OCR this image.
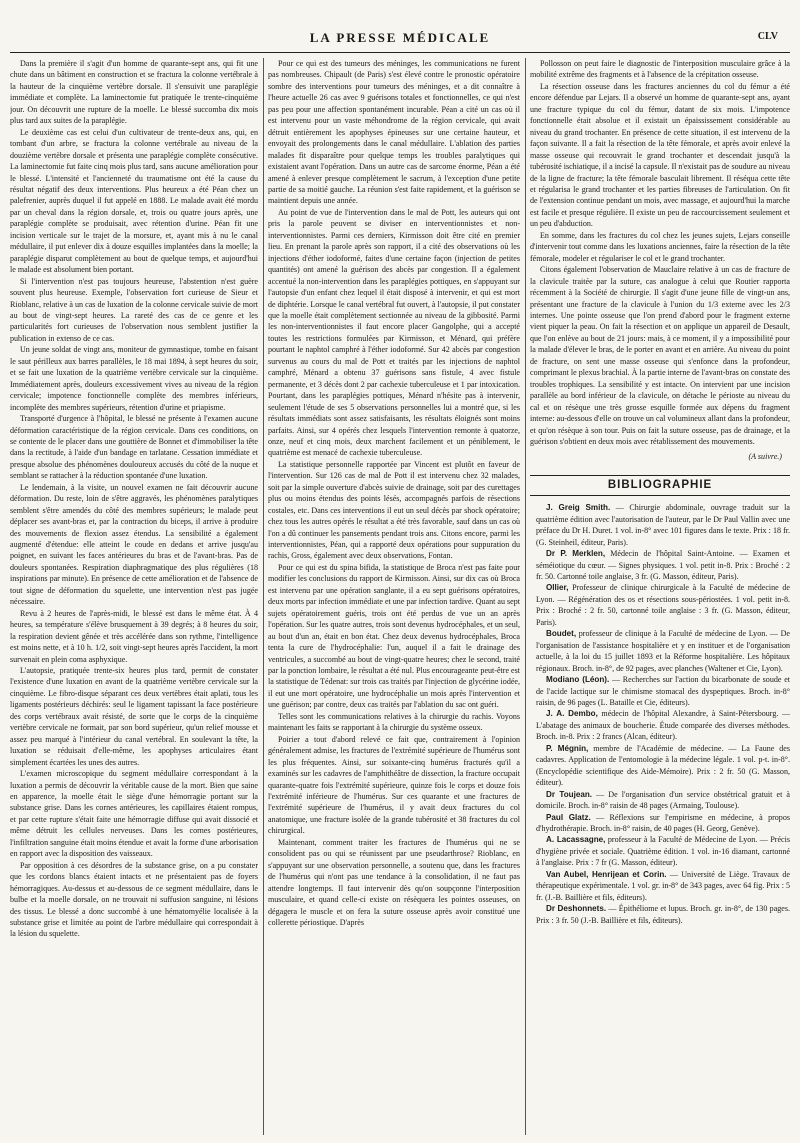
LA PRESSE MÉDICALE	CLV

Dans la première il s'agit d'un homme de quarante-sept ans, qui fit une chute dans un bâtiment en construction et se fractura la colonne vertébrale à la hauteur de la cinquième vertèbre dorsale. Il s'ensuivit une paraplégie immédiate et complète. La laminectomie fut pratiquée le trente-cinquième jour. On découvrit une rupture de la moelle. Le blessé succomba dix mois plus tard aux suites de la paraplégie.

Le deuxième cas est celui d'un cultivateur de trente-deux ans, qui, en tombant d'un arbre, se fractura la colonne vertébrale au niveau de la douzième vertèbre dorsale et présenta une paraplégie complète consécutive. La laminectomie fut faite cinq mois plus tard, sans aucune amélioration pour le blessé. L'intensité et l'ancienneté du traumatisme ont été la cause du résultat négatif des deux interventions. Plus heureux a été Péan chez un palefrenier, auprès duquel il fut appelé en 1888. Le malade avait été mordu par un cheval dans la région dorsale, et, trois ou quatre jours après, une paraplégie complète se produisait, avec rétention d'urine. Péan fit une incision verticale sur le trajet de la morsure, et, ayant mis à nu le canal médullaire, il put enlever dix à douze esquilles implantées dans la moelle; la paraplégie disparut complètement au bout de quelque temps, et aujourd'hui le malade est absolument bien portant.

Si l'intervention n'est pas toujours heureuse, l'abstention n'est guère souvent plus heureuse. Exemple, l'observation fort curieuse de Sieur et Rioblanc, relative à un cas de luxation de la colonne cervicale suivie de mort au bout de vingt-sept heures. La rareté des cas de ce genre et les particularités fort curieuses de l'observation nous semblent justifier la publication in extenso de ce cas.

Un jeune soldat de vingt ans, moniteur de gymnastique, tombe en faisant le saut périlleux aux barres parallèles, le 18 mai 1894, à sept heures du soir, et se fait une luxation de la quatrième vertèbre cervicale sur la cinquième. Immédiatement après, douleurs excessivement vives au niveau de la région cervicale; impotence fonctionnelle complète des membres inférieurs, incomplète des membres supérieurs, rétention d'urine et priapisme.

Transporté d'urgence à l'hôpital, le blessé ne présente à l'examen aucune déformation caractéristique de la région cervicale. Dans ces conditions, on se contente de le placer dans une gouttière de Bonnet et d'immobiliser la tête dans la rectitude, à l'aide d'un bandage en tarlatane. Cessation immédiate et presque absolue des phénomènes douloureux accusés du côté de la nuque et semblant se rattacher à la réduction spontanée d'une luxation.

Le lendemain, à la visite, un nouvel examen ne fait découvrir aucune déformation. Du reste, loin de s'être aggravés, les phénomènes paralytiques semblent s'être amendés du côté des membres supérieurs; le malade peut déplacer ses avant-bras et, par la contraction du biceps, il arrive à produire des mouvements de flexion assez étendus. La sensibilité a également augmenté d'étendue: elle atteint le coude en dedans et arrive jusqu'au poignet, en suivant les faces antérieures du bras et de l'avant-bras. Pas de douleurs spontanées. Respiration diaphragmatique des plus régulières (18 inspirations par minute). En présence de cette amélioration et de l'absence de tout signe de déformation du squelette, une intervention n'est pas jugée nécessaire.

Revu à 2 heures de l'après-midi, le blessé est dans le même état. À 4 heures, sa température s'élève brusquement à 39 degrés; à 8 heures du soir, la respiration devient gênée et très accélérée dans son rythme, l'intelligence est moins nette, et à 10 h. 1/2, soit vingt-sept heures après l'accident, la mort survenait en plein coma asphyxique.

L'autopsie, pratiquée trente-six heures plus tard, permit de constater l'existence d'une luxation en avant de la quatrième vertèbre cervicale sur la cinquième. Le fibro-disque séparant ces deux vertèbres était aplati, tous les ligaments postérieurs déchirés: seul le ligament tapissant la face postérieure des corps vertébraux avait résisté, de sorte que le corps de la cinquième vertèbre cervicale ne formait, par son bord supérieur, qu'un relief mousse et assez peu marqué à l'intérieur du canal vertébral. En soulevant la tête, la luxation se réduisait d'elle-même, les apophyses articulaires étant simplement écartées les unes des autres.

L'examen microscopique du segment médullaire correspondant à la luxation a permis de découvrir la véritable cause de la mort. Bien que saine en apparence, la moelle était le siège d'une hémorragie portant sur la substance grise. Dans les cornes antérieures, les capillaires étaient rompus, et par cette rupture s'était faite une hémorragie diffuse qui avait dissocié et même détruit les cellules nerveuses. Dans les cornes postérieures, l'infiltration sanguine était moins étendue et avait la forme d'une arborisation en rapport avec la disposition des vaisseaux.

Par opposition à ces désordres de la substance grise, on a pu constater que les cordons blancs étaient intacts et ne présentaient pas de foyers hémorragiques. Au-dessus et au-dessous de ce segment médullaire, dans le bulbe et la moelle dorsale, on ne trouvait ni suffusion sanguine, ni lésions des tissus. Le blessé a donc succombé à une hématomyélie localisée à la substance grise et limitée au point de l'arbre médullaire qui correspondait à la lésion du squelette.

Pour ce qui est des tumeurs des méninges, les communications ne furent pas nombreuses. Chipault (de Paris) s'est élevé contre le pronostic opératoire sombre des interventions pour tumeurs des méninges, et a dit connaître à l'heure actuelle 26 cas avec 9 guérisons totales et fonctionnelles, ce qui n'est pas peu pour une affection spontanément incurable. Péan a cité un cas où il est intervenu pour un vaste méhondrome de la région cervicale, qui avait détruit entièrement les apophyses épineuses sur une certaine hauteur, et envoyait des prolongements dans le canal médullaire. L'ablation des parties malades fit disparaître pour quelque temps les troubles paralytiques qui existaient avant l'opération. Dans un autre cas de sarcome énorme, Péan a été amené à enlever presque complètement le sacrum, à l'exception d'une petite partie de sa moitié gauche. La réunion s'est faite rapidement, et la guérison se maintient depuis une année.

Au point de vue de l'intervention dans le mal de Pott, les auteurs qui ont pris la parole peuvent se diviser en interventionnistes et non-interventionnistes. Parmi ces derniers, Kirmisson doit être cité en premier lieu. En prenant la parole après son rapport, il a cité des observations où les injections d'éther iodoformé, faites d'une certaine façon (injection de petites quantités) ont amené la guérison des abcès par congestion. Il a également accentué la non-intervention dans les paraplégies pottiques, en s'appuyant sur l'autopsie d'un enfant chez lequel il était disposé à intervenir, et qui est mort de diphtérie. Lorsque le canal vertébral fut ouvert, à l'autopsie, il put constater que la moelle était complètement sectionnée au niveau de la gibbosité. Parmi les non-interventionnistes il faut encore placer Gangolphe, qui a accepté toutes les restrictions formulées par Kirmisson, et Ménard, qui préfère pourtant le naphtol camphré à l'éther iodoformé. Sur 42 abcès par congestion survenus au cours du mal de Pott et traités par les injections de naphtol camphré, Ménard a obtenu 37 guérisons sans fistule, 4 avec fistule permanente, et 3 décès dont 2 par cachexie tuberculeuse et 1 par intoxication. Pourtant, dans les paraplégies pottiques, Ménard n'hésite pas à intervenir, seulement l'étude de ses 5 observations personnelles lui a montré que, si les résultats immédiats sont assez satisfaisants, les résultats éloignés sont moins parfaits. Ainsi, sur 4 opérés chez lesquels l'intervention remonte à quatorze, onze, neuf et cinq mois, deux marchent facilement et un péniblement, le quatrième est menacé de cachexie tuberculeuse.

La statistique personnelle rapportée par Vincent est plutôt en faveur de l'intervention. Sur 126 cas de mal de Pott il est intervenu chez 32 malades, soit par la simple ouverture d'abcès suivie de drainage, soit par des curettages plus ou moins étendus des points lésés, accompagnés parfois de résections costales, etc. Dans ces interventions il eut un seul décès par shock opératoire; chez tous les autres opérés le résultat a été très favorable, sauf dans un cas où l'on a dû continuer les pansements pendant trois ans. Citons encore, parmi les interventionnistes, Péan, qui a rapporté deux opérations pour suppuration du rachis, Gross, également avec deux observations, Fontan.

Pour ce qui est du spina bifida, la statistique de Broca n'est pas faite pour modifier les conclusions du rapport de Kirmisson. Ainsi, sur dix cas où Broca est intervenu par une opération sanglante, il a eu sept guérisons opératoires, deux morts par infection immédiate et une par infection tardive. Quant au sept sujets opératoirement guéris, trois ont été perdus de vue un an après l'opération. Sur les quatre autres, trois sont devenus hydrocéphales, et un seul, au bout d'un an, était en bon état. Chez deux devenus hydrocéphales, Broca tenta la cure de l'hydrocéphalie: l'un, auquel il a fait le drainage des ventricules, a succombé au bout de vingt-quatre heures; chez le second, traité par la ponction lombaire, le résultat a été nul. Plus encourageante peut-être est la statistique de Tédenat: sur trois cas traités par l'injection de glycérine iodée, il eut une mort opératoire, une hydrocéphalie un mois après l'intervention et une guérison; par contre, deux cas traités par l'ablation du sac ont guéri.

Telles sont les communications relatives à la chirurgie du rachis. Voyons maintenant les faits se rapportant à la chirurgie du système osseux.

Poirier a tout d'abord relevé ce fait que, contrairement à l'opinion généralement admise, les fractures de l'extrémité supérieure de l'humérus sont les plus fréquentes. Ainsi, sur soixante-cinq humérus fracturés qu'il a examinés sur les cadavres de l'amphithéâtre de dissection, la fracture occupait quarante-quatre fois l'extrémité supérieure, quinze fois le corps et douze fois l'extrémité inférieure de l'humérus. Sur ces quarante et une fractures de l'extrémité supérieure de l'humérus, il y avait deux fractures du col anatomique, une fracture isolée de la grande tubérosité et 38 fractures du col chirurgical.

Maintenant, comment traiter les fractures de l'humérus qui ne se consolident pas ou qui se réunissent par une pseudarthrose? Rioblanc, en s'appuyant sur une observation personnelle, a soutenu que, dans les fractures de l'humérus qui n'ont pas une tendance à la consolidation, il ne faut pas attendre longtemps. Il faut intervenir dès qu'on soupçonne l'interposition musculaire, et quand celle-ci existe on résèquera les pointes osseuses, on dégagera le muscle et on fera la suture osseuse après avoir constitué une collerette périostique. D'après

Pollosson on peut faire le diagnostic de l'interposition musculaire grâce à la mobilité extrême des fragments et à l'absence de la crépitation osseuse.

La résection osseuse dans les fractures anciennes du col du fémur a été encore défendue par Lejars. Il a observé un homme de quarante-sept ans, ayant une fracture typique du col du fémur, datant de six mois. L'impotence fonctionnelle était absolue et il existait un épaississement considérable au niveau du grand trochanter. En présence de cette situation, il est intervenu de la façon suivante. Il a fait la résection de la tête fémorale, et après avoir enlevé la masse osseuse qui recouvrait le grand trochanter et descendait jusqu'à la tubérosité ischiatique, il a incisé la capsule. Il n'existait pas de soudure au niveau de la ligne de fracture; la tête fémorale basculait librement. Il réséqua cette tête et régularisa le grand trochanter et les parties fibreuses de l'articulation. On fit de l'extension continue pendant un mois, avec massage, et aujourd'hui la marche est facile et presque régulière. Il existe un peu de raccourcissement seulement et un peu d'abduction.

En somme, dans les fractures du col chez les jeunes sujets, Lejars conseille d'intervenir tout comme dans les luxations anciennes, faire la résection de la tête fémorale, modeler et régulariser le col et le grand trochanter.

Citons également l'observation de Mauclaire relative à un cas de fracture de la clavicule traitée par la suture, cas analogue à celui que Routier rapporta récemment à la Société de chirurgie. Il s'agit d'une jeune fille de vingt-un ans, présentant une fracture de la clavicule à l'union du 1/3 externe avec les 2/3 internes. Une pointe osseuse que l'on prend d'abord pour le fragment externe vient piquer la peau. On fait la résection et on applique un appareil de Desault, que l'on enlève au bout de 21 jours: mais, à ce moment, il y a impossibilité pour la malade d'élever le bras, de le porter en avant et en arrière. Au niveau du point de fracture, on sent une masse osseuse qui s'enfonce dans la profondeur, comprimant le plexus brachial. À la partie interne de l'avant-bras on constate des troubles trophiques. La sensibilité y est intacte. On intervient par une incision parallèle au bord inférieur de la clavicule, on détache le périoste au niveau du cal et on résèque une très grosse esquille formée aux dépens du fragment interne: au-dessous d'elle on trouve un cal volumineux allant dans la profondeur, et qu'on résèque à son tour. Puis on fait la suture osseuse, pas de drainage, et la guérison s'obtient en deux mois avec rétablissement des mouvements.

(A suivre.)
BIBLIOGRAPHIE

J. Greig Smith. — Chirurgie abdominale, ouvrage traduit sur la quatrième édition avec l'autorisation de l'auteur, par le Dr Paul Vallin avec une préface du Dr H. Duret. 1 vol. in-8° avec 101 figures dans le texte. Prix : 18 fr. (G. Steinheil, éditeur, Paris).

Dr P. Merklen, Médecin de l'hôpital Saint-Antoine. — Examen et séméiotique du cœur. — Signes physiques. 1 vol. petit in-8. Prix : Broché : 2 fr. 50. Cartonné toile anglaise, 3 fr. (G. Masson, éditeur, Paris).

Ollier, Professeur de clinique chirurgicale à la Faculté de médecine de Lyon. — Régénération des os et résections sous-périostées. 1 vol. petit in-8. Prix : Broché : 2 fr. 50, cartonné toile anglaise : 3 fr. (G. Masson, éditeur, Paris).

Boudet, professeur de clinique à la Faculté de médecine de Lyon. — De l'organisation de l'assistance hospitalière et y en instituer et de l'organisation actuelle, à la loi du 15 juillet 1893 et la Réforme hospitalière. Les hôpitaux régionaux. Broch. in-8°, de 92 pages, avec planches (Waltener et Cie, Lyon).

Modiano (Léon). — Recherches sur l'action du bicarbonate de soude et de l'acide lactique sur le chimisme stomacal des dyspeptiques. Broch. in-8° raisin, de 96 pages (L. Bataille et Cie, éditeurs).

J. A. Dembo, médecin de l'hôpital Alexandre, à Saint-Pétersbourg. — L'abatage des animaux de boucherie. Étude comparée des diverses méthodes. Broch. in-8. Prix : 2 francs (Alcan, éditeur).

P. Mégnin, membre de l'Académie de médecine. — La Faune des cadavres. Application de l'entomologie à la médecine légale. 1 vol. p-t. in-8°. (Encyclopédie scientifique des Aide-Mémoire). Prix : 2 fr. 50 (G. Masson, éditeur).

Dr Toujean. — De l'organisation d'un service obstétrical gratuit et à domicile. Broch. in-8° raisin de 48 pages (Armaing, Toulouse).

Paul Glatz. — Réflexions sur l'empirisme en médecine, à propos d'hydrothérapie. Broch. in-8° raisin, de 40 pages (H. Georg, Genève).

A. Lacassagne, professeur à la Faculté de Médecine de Lyon. — Précis d'hygiène privée et sociale. Quatrième édition. 1 vol. in-16 diamant, cartonné à l'anglaise. Prix : 7 fr (G. Masson, éditeur).

Van Aubel, Henrijean et Corin. — Université de Liège. Travaux de thérapeutique expérimentale. 1 vol. gr. in-8° de 343 pages, avec 64 fig. Prix : 5 fr. (J.-B. Baillière et fils, éditeurs).

Dr Deshonnets. — Épithéliome et lupus. Broch. gr. in-8°, de 130 pages. Prix : 3 fr. 50 (J.-B. Baillière et fils, éditeurs).
